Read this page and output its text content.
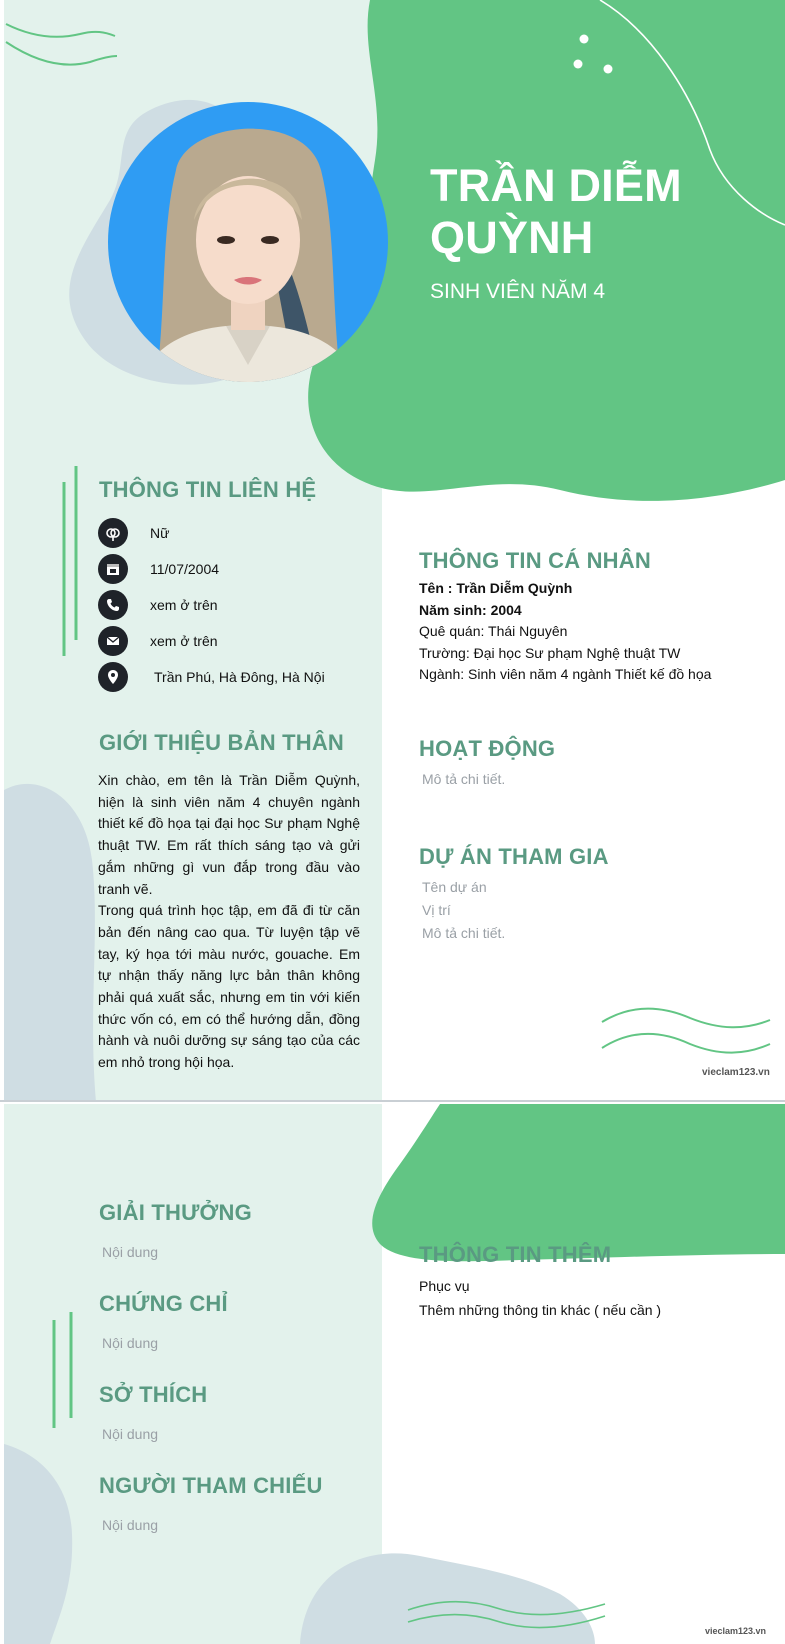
TRẦN DIỄM
QUỲNH
SINH VIÊN NĂM 4
THÔNG TIN LIÊN HỆ
Nữ
11/07/2004
xem ở trên
xem ở trên
Trần Phú, Hà Đông, Hà Nội
GIỚI THIỆU BẢN THÂN

Xin chào, em tên là Trần Diễm Quỳnh, hiện là sinh viên năm 4 chuyên ngành thiết kế đồ họa tại đại học Sư phạm Nghệ thuật TW. Em rất thích sáng tạo và gửi gắm những gì vun đắp trong đầu vào tranh vẽ.

Trong quá trình học tập, em đã đi từ căn bản đến nâng cao qua. Từ luyện tập vẽ tay, ký họa tới màu nước, gouache. Em tự nhận thấy năng lực bản thân không phải quá xuất sắc, nhưng em tin với kiến thức vốn có, em có thể hướng dẫn, đồng hành và nuôi dưỡng sự sáng tạo của các em nhỏ trong hội họa.

THÔNG TIN CÁ NHÂN
Tên : Trần Diễm Quỳnh
Năm sinh: 2004
Quê quán: Thái Nguyên
Trường: Đại học Sư phạm Nghệ thuật TW
Ngành: Sinh viên năm 4 ngành Thiết kế đồ họa
HOẠT ĐỘNG
Mô tả chi tiết.
DỰ ÁN THAM GIA
Tên dự án
Vị trí
Mô tả chi tiết.
vieclam123.vn
GIẢI THƯỞNG
Nội dung
CHỨNG CHỈ
Nội dung
SỞ THÍCH
Nội dung
NGƯỜI THAM CHIẾU
Nội dung
THÔNG TIN THÊM
Phục vụ
Thêm những thông tin khác ( nếu cần )
vieclam123.vn
